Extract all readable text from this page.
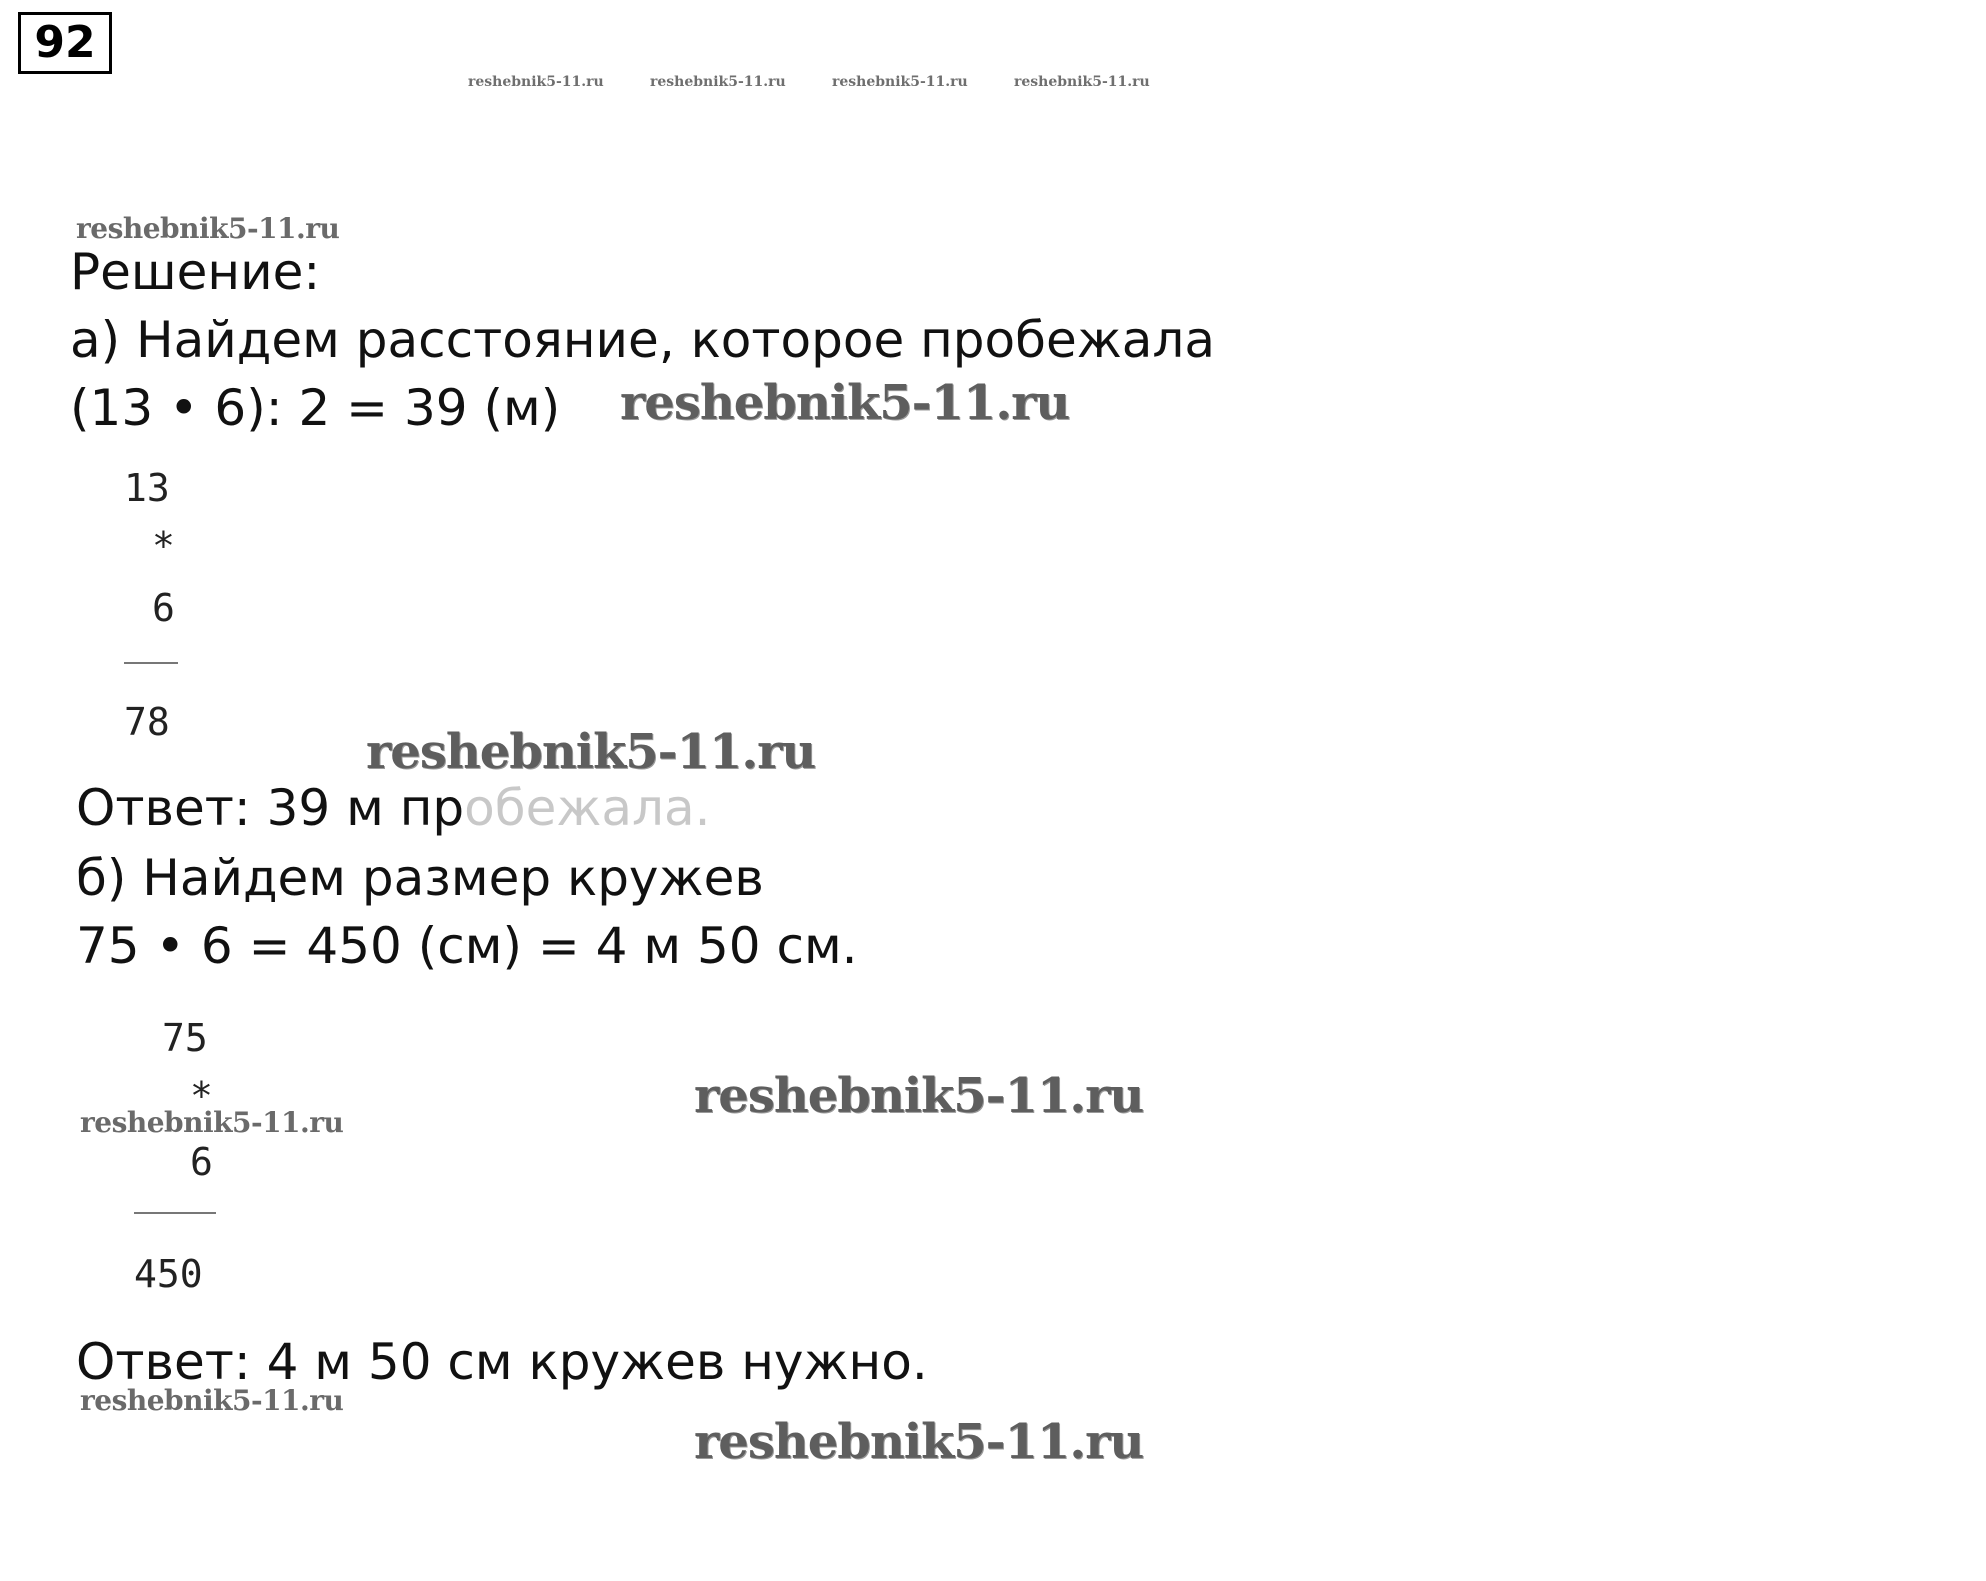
92
reshebnik5-11.ru	reshebnik5-11.ru	reshebnik5-11.ru	reshebnik5-11.ru
reshebnik5-11.ru
Решение:
а) Найдем расстояние, которое пробежала
(13 • 6): 2 = 39 (м) reshebnik5-11.ru
13
*
6
78
reshebnik5-11.ru
Ответ: 39 м пробежала.
б) Найдем размер кружев
75 • 6 = 450 (см) = 4 м 50 см.
75
*
reshebnik5-11.ru
6
450
reshebnik5-11.ru
Ответ: 4 м 50 см кружев нужно.
reshebnik5-11.ru
reshebnik5-11.ru
